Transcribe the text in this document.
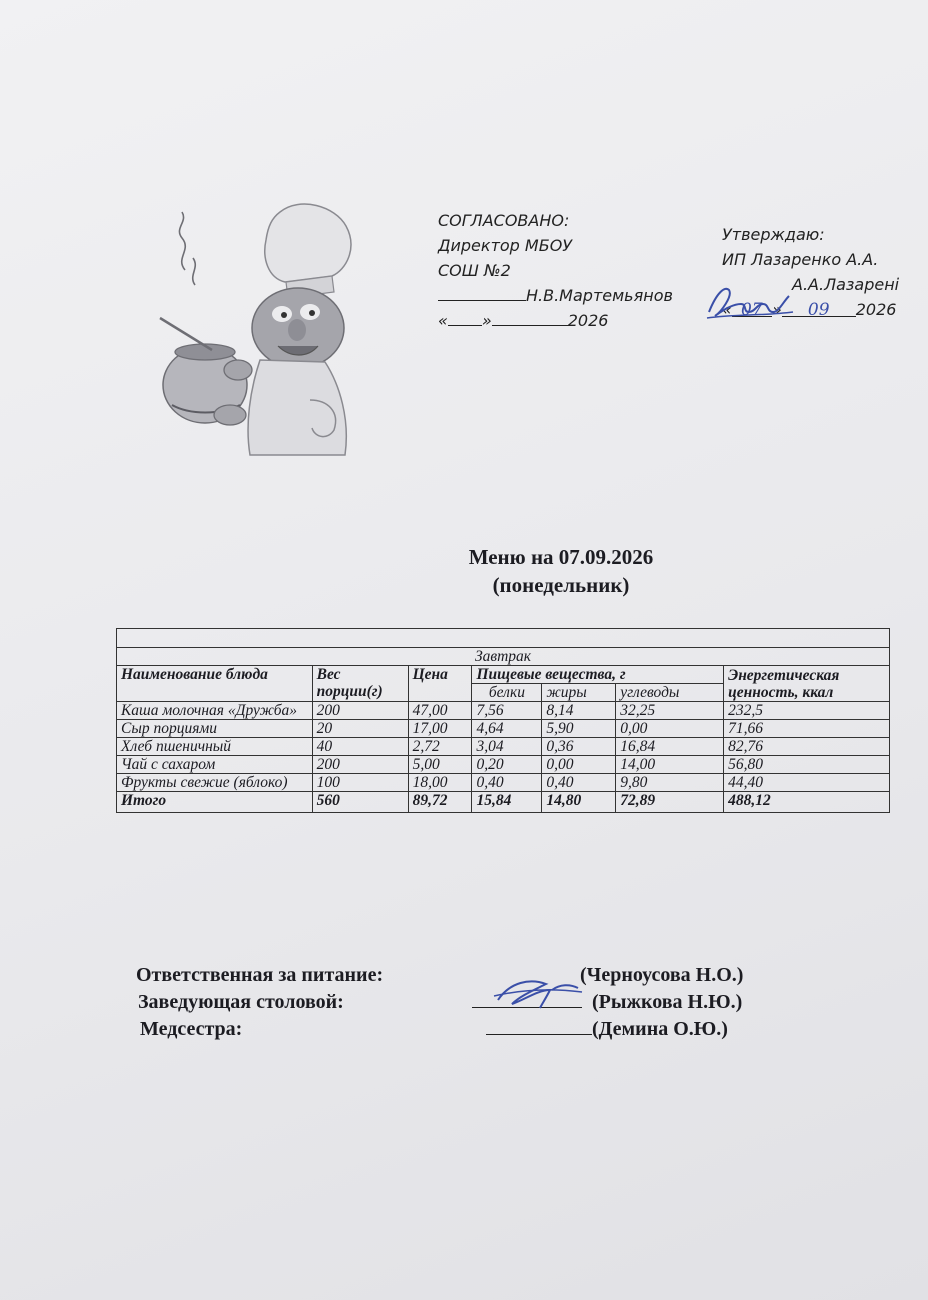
СОГЛАСОВАНО:
Директор МБОУ
СОШ №2
Н.В.Мартемьянов
« »	2026
Утверждаю:
ИП Лазаренко А.А.
А.А.Лазарені
« 07 » 09 2026
Меню на 07.09.2026
(понедельник)

Завтрак						
Наименование блюда	Вес порции(г)	Цена	Пищевые вещества, г			Энергетическая ценность, ккал
			белки	жиры	углеводы	
Каша молочная «Дружба»	200	47,00	7,56	8,14	32,25	232,5
Сыр порциями	20	17,00	4,64	5,90	0,00	71,66
Хлеб пшеничный	40	2,72	3,04	0,36	16,84	82,76
Чай с сахаром	200	5,00	0,20	0,00	14,00	56,80
Фрукты свежие (яблоко)	100	18,00	0,40	0,40	9,80	44,40
Итого	560	89,72	15,84	14,80	72,89	488,12
Ответственная за питание:	(Черноусова Н.О.)
Заведующая столовой:	(Рыжкова Н.Ю.)
Медсестра:	(Демина О.Ю.)
